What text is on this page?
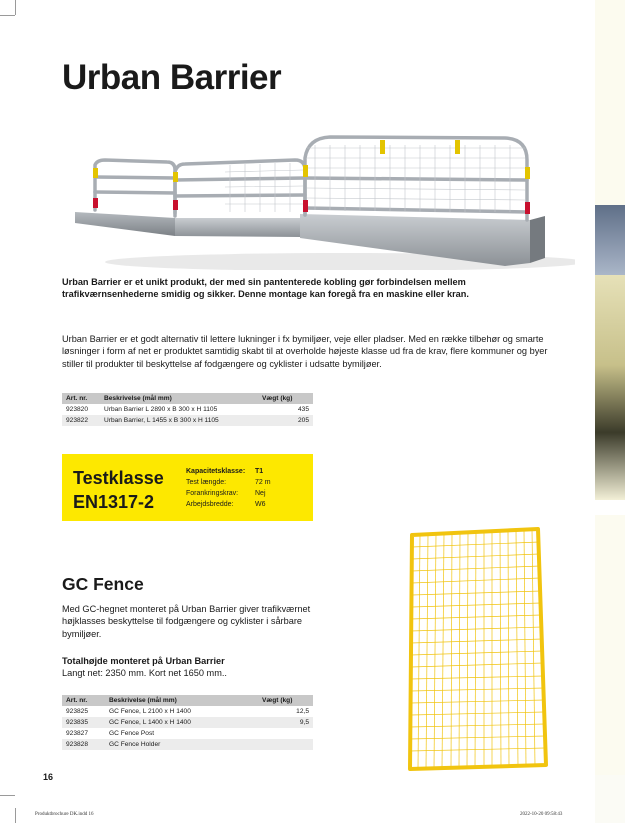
Urban Barrier

Urban Barrier er et unikt produkt, der med sin pantenterede kobling gør forbindelsen mellem trafikværnsenhederne smidig og sikker. Denne montage kan foregå fra en maskine eller kran.

Urban Barrier er et godt alternativ til lettere lukninger i fx bymiljøer, veje eller pladser. Med en række tilbehør og smarte løsninger i form af net er produktet samtidig skabt til at overholde højeste klasse ud fra de krav, flere kommuner og byer stiller til produkter til beskyttelse af fodgængere og cyklister i udsatte bymiljøer.

Art. nr.	Beskrivelse (mål mm)	Vægt (kg)
923820	Urban Barrier L 2890 x B 300 x H 1105	435
923822	Urban Barrier, L 1455 x B 300 x H 1105	205
Testklasse
EN1317-2
Kapacitetsklasse: T1
Test længde:	72 m
Forankringskrav: Nej
Arbejdsbredde:	W6
GC Fence

Med GC-hegnet monteret på Urban Barrier giver trafikværnet højklasses beskyttelse til fodgængere og cyklister i sårbare bymiljøer.

Totalhøjde monteret på Urban Barrier

Langt net: 2350 mm. Kort net 1650 mm..

Art. nr.	Beskrivelse (mål mm)	Vægt (kg)
923825	GC Fence, L 2100 x H 1400	12,5
923835	GC Fence, L 1400 x H 1400	9,5
923827	GC Fence Post	
923828	GC Fence Holder	
16
Produktbrochure DK.indd 16	2022-10-20 09:58:43
